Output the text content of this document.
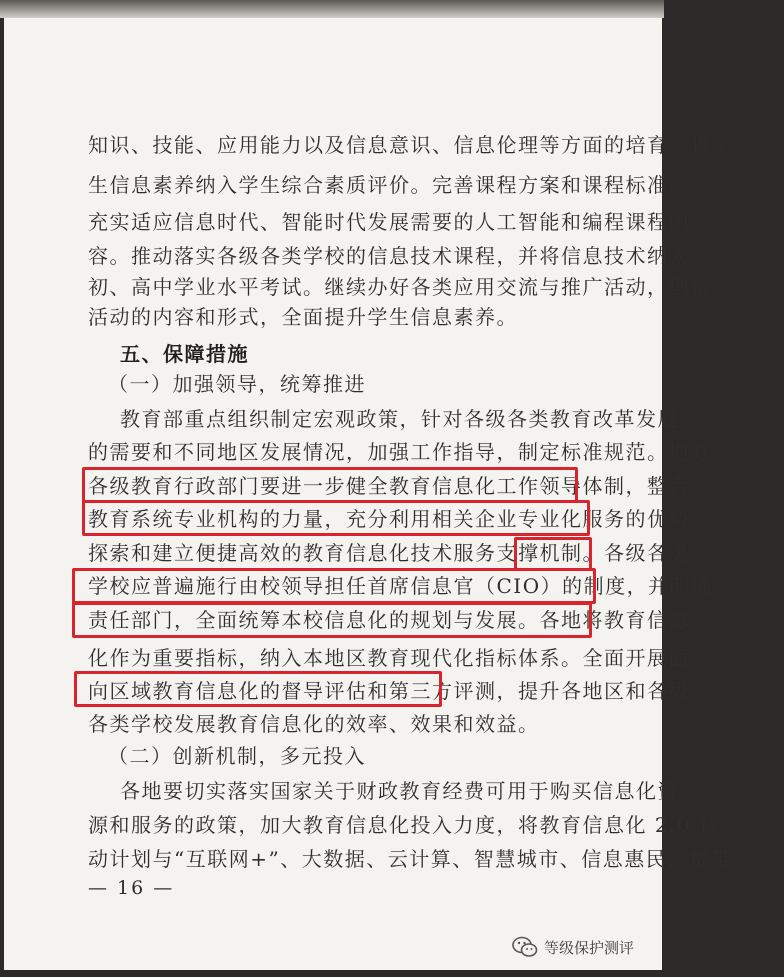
知识、技能、应用能力以及信息意识、信息伦理等方面的培育，将学
生信息素养纳入学生综合素质评价。完善课程方案和课程标准，
充实适应信息时代、智能时代发展需要的人工智能和编程课程内
容。推动落实各级各类学校的信息技术课程，并将信息技术纳入
初、高中学业水平考试。继续办好各类应用交流与推广活动，创新
活动的内容和形式，全面提升学生信息素养。
五、保障措施
（一）加强领导，统筹推进
教育部重点组织制定宏观政策，针对各级各类教育改革发展
的需要和不同地区发展情况，加强工作指导，制定标准规范。地方
各级教育行政部门要进一步健全教育信息化工作领导体制，整合
教育系统专业机构的力量，充分利用相关企业专业化服务的优势，
探索和建立便捷高效的教育信息化技术服务支撑机制。各级各类
学校应普遍施行由校领导担任首席信息官（CIO）的制度，并明确
责任部门，全面统筹本校信息化的规划与发展。各地将教育信息
化作为重要指标，纳入本地区教育现代化指标体系。全面开展面
向区域教育信息化的督导评估和第三方评测，提升各地区和各级
各类学校发展教育信息化的效率、效果和效益。
（二）创新机制，多元投入
各地要切实落实国家关于财政教育经费可用于购买信息化资
源和服务的政策，加大教育信息化投入力度，将教育信息化 2.0 行
动计划与“互联网+”、大数据、云计算、智慧城市、信息惠民、宽带
— 16 —
等级保护测评
